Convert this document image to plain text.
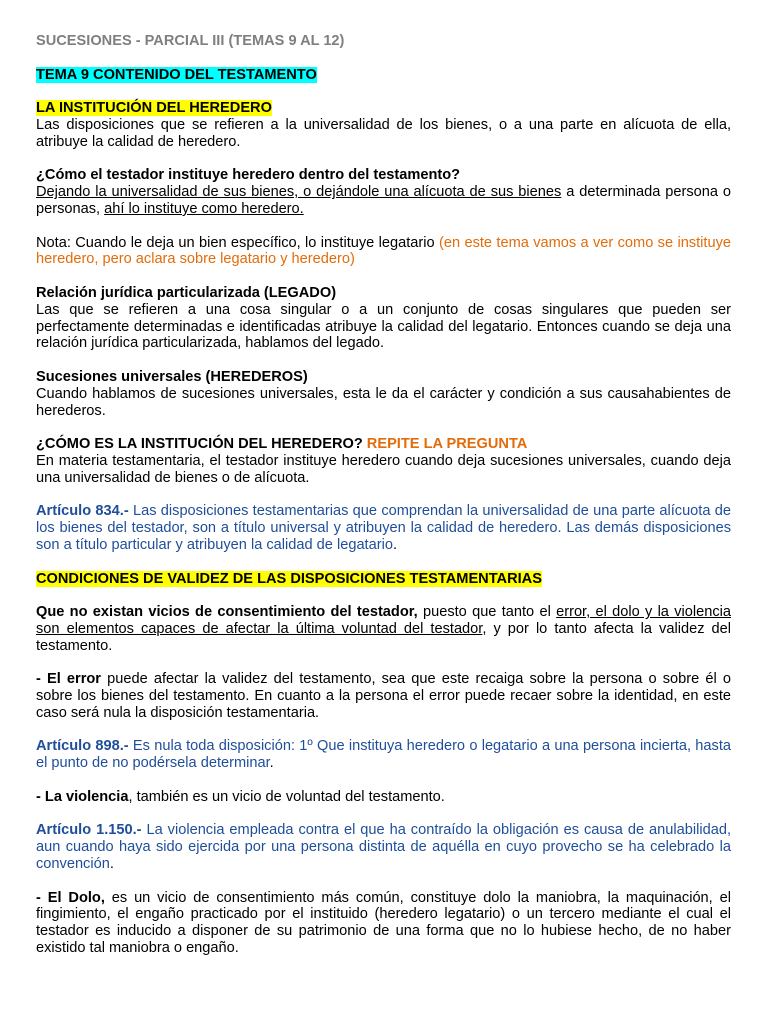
SUCESIONES - PARCIAL III (TEMAS 9 AL 12)

TEMA 9 CONTENIDO DEL TESTAMENTO

LA INSTITUCIÓN DEL HEREDERO

Las disposiciones que se refieren a la universalidad de los bienes, o a una parte en alícuota de ella, atribuye la calidad de heredero.

¿Cómo el testador instituye heredero dentro del testamento?

Dejando la universalidad de sus bienes, o dejándole una alícuota de sus bienes a determinada persona o personas, ahí lo instituye como heredero.

Nota: Cuando le deja un bien específico, lo instituye legatario (en este tema vamos a ver como se instituye heredero, pero aclara sobre legatario y heredero)

Relación jurídica particularizada (LEGADO)

Las que se refieren a una cosa singular o a un conjunto de cosas singulares que pueden ser perfectamente determinadas e identificadas atribuye la calidad del legatario. Entonces cuando se deja una relación jurídica particularizada, hablamos del legado.

Sucesiones universales (HEREDEROS)

Cuando hablamos de sucesiones universales, esta le da el carácter y condición a sus causahabientes de herederos.

¿CÓMO ES LA INSTITUCIÓN DEL HEREDERO? REPITE LA PREGUNTA

En materia testamentaria, el testador instituye heredero cuando deja sucesiones universales, cuando deja una universalidad de bienes o de alícuota.

Artículo 834.- Las disposiciones testamentarias que comprendan la universalidad de una parte alícuota de los bienes del testador, son a título universal y atribuyen la calidad de heredero. Las demás disposiciones son a título particular y atribuyen la calidad de legatario.

CONDICIONES DE VALIDEZ DE LAS DISPOSICIONES TESTAMENTARIAS

Que no existan vicios de consentimiento del testador, puesto que tanto el error, el dolo y la violencia son elementos capaces de afectar la última voluntad del testador, y por lo tanto afecta la validez del testamento.

- El error puede afectar la validez del testamento, sea que este recaiga sobre la persona o sobre él o sobre los bienes del testamento. En cuanto a la persona el error puede recaer sobre la identidad, en este caso será nula la disposición testamentaria.

Artículo 898.- Es nula toda disposición: 1º Que instituya heredero o legatario a una persona incierta, hasta el punto de no podérsela determinar.

- La violencia, también es un vicio de voluntad del testamento.

Artículo 1.150.- La violencia empleada contra el que ha contraído la obligación es causa de anulabilidad, aun cuando haya sido ejercida por una persona distinta de aquélla en cuyo provecho se ha celebrado la convención.

- El Dolo, es un vicio de consentimiento más común, constituye dolo la maniobra, la maquinación, el fingimiento, el engaño practicado por el instituido (heredero legatario) o un tercero mediante el cual el testador es inducido a disponer de su patrimonio de una forma que no lo hubiese hecho, de no haber existido tal maniobra o engaño.
